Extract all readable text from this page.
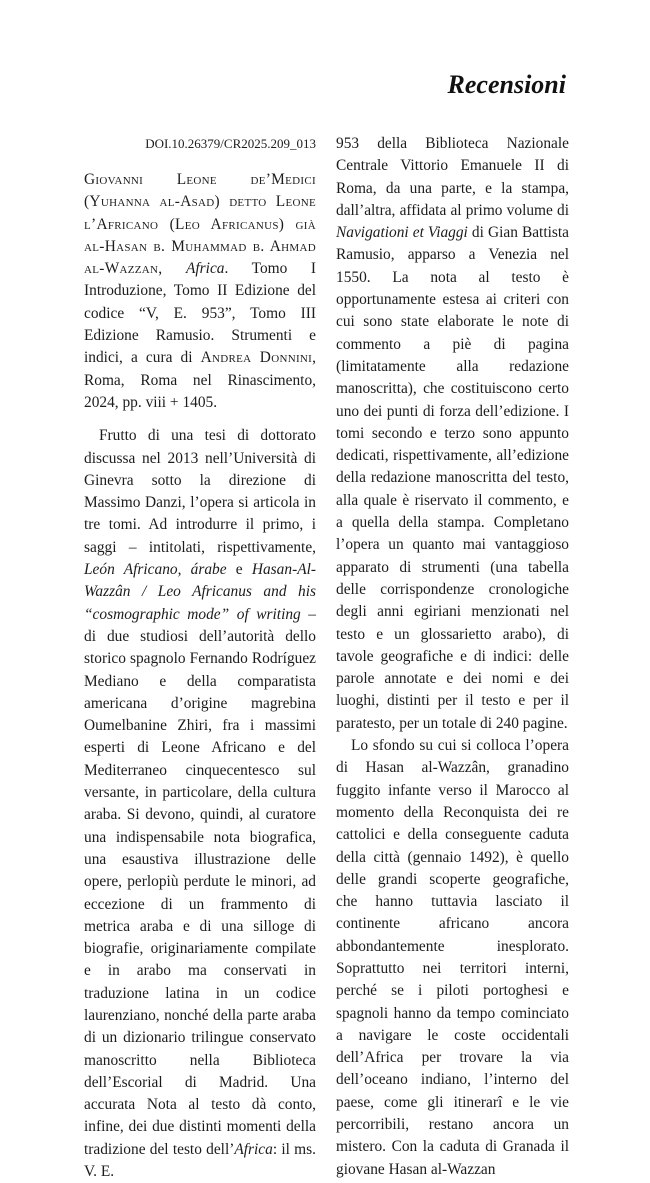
Recensioni
DOI.10.26379/CR2025.209_013

Giovanni Leone de’Medici (Yuhanna al-Asad) detto Leone l’Africano (Leo Africanus) già al-Hasan b. Muhammad b. Ahmad al-Wazzan, Africa. Tomo I Introduzione, Tomo II Edizione del codice “V, E. 953”, Tomo III Edizione Ramusio. Strumenti e indici, a cura di Andrea Donnini, Roma, Roma nel Rinascimento, 2024, pp. viii + 1405.

Frutto di una tesi di dottorato discussa nel 2013 nell’Università di Ginevra sotto la direzione di Massimo Danzi, l’opera si articola in tre tomi. Ad introdurre il primo, i saggi – intitolati, rispettivamente, León Africano, árabe e Hasan-Al-Wazzân / Leo Africanus and his “cosmographic mode” of writing – di due studiosi dell’autorità dello storico spagnolo Fernando Rodríguez Mediano e della comparatista americana d’origine magrebina Oumelbanine Zhiri, fra i massimi esperti di Leone Africano e del Mediterraneo cinquecentesco sul versante, in particolare, della cultura araba. Si devono, quindi, al curatore una indispensabile nota biografica, una esaustiva illustrazione delle opere, perlopiù perdute le minori, ad eccezione di un frammento di metrica araba e di una silloge di biografie, originariamente compilate e in arabo ma conservati in traduzione latina in un codice laurenziano, nonché della parte araba di un dizionario trilingue conservato manoscritto nella Biblioteca dell’Escorial di Madrid. Una accurata Nota al testo dà conto, infine, dei due distinti momenti della tradizione del testo dell’Africa: il ms. V. E.

953 della Biblioteca Nazionale Centrale Vittorio Emanuele II di Roma, da una parte, e la stampa, dall’altra, affidata al primo volume di Navigationi et Viaggi di Gian Battista Ramusio, apparso a Venezia nel 1550. La nota al testo è opportunamente estesa ai criteri con cui sono state elaborate le note di commento a piè di pagina (limitatamente alla redazione manoscritta), che costituiscono certo uno dei punti di forza dell’edizione. I tomi secondo e terzo sono appunto dedicati, rispettivamente, all’edizione della redazione manoscritta del testo, alla quale è riservato il commento, e a quella della stampa. Completano l’opera un quanto mai vantaggioso apparato di strumenti (una tabella delle corrispondenze cronologiche degli anni egiriani menzionati nel testo e un glossarietto arabo), di tavole geografiche e di indici: delle parole annotate e dei nomi e dei luoghi, distinti per il testo e per il paratesto, per un totale di 240 pagine.

Lo sfondo su cui si colloca l’opera di Hasan al-Wazzân, granadino fuggito infante verso il Marocco al momento della Reconquista dei re cattolici e della conseguente caduta della città (gennaio 1492), è quello delle grandi scoperte geografiche, che hanno tuttavia lasciato il continente africano ancora abbondantemente inesplorato. Soprattutto nei territori interni, perché se i piloti portoghesi e spagnoli hanno da tempo cominciato a navigare le coste occidentali dell’Africa per trovare la via dell’oceano indiano, l’interno del paese, come gli itinerarî e le vie percorribili, restano ancora un mistero. Con la caduta di Granada il giovane Hasan al-Wazzan
